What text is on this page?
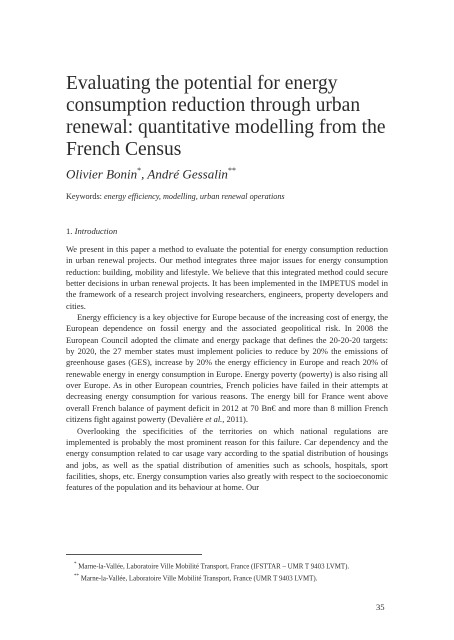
Evaluating the potential for energy consumption reduction through urban renewal: quantitative modelling from the French Census
Olivier Bonin*, André Gessalin**
Keywords: energy efficiency, modelling, urban renewal operations
1. Introduction

We present in this paper a method to evaluate the potential for energy consumption reduction in urban renewal projects. Our method integrates three major issues for energy consumption reduction: building, mobility and lifestyle. We believe that this integrated method could secure better decisions in urban renewal projects. It has been implemented in the IMPETUS model in the framework of a research project involving researchers, engineers, property developers and cities.

Energy efficiency is a key objective for Europe because of the increasing cost of energy, the European dependence on fossil energy and the associated geopolitical risk. In 2008 the European Council adopted the climate and energy package that defines the 20-20-20 targets: by 2020, the 27 member states must implement policies to reduce by 20% the emissions of greenhouse gases (GES), increase by 20% the energy efficiency in Europe and reach 20% of renewable energy in energy consumption in Europe. Energy poverty (powerty) is also rising all over Europe. As in other European countries, French policies have failed in their attempts at decreasing energy consumption for various reasons. The energy bill for France went above overall French balance of payment deficit in 2012 at 70 Bn€ and more than 8 million French citizens fight against powerty (Devalière et al., 2011).

Overlooking the specificities of the territories on which national regulations are implemented is probably the most prominent reason for this failure. Car dependency and the energy consumption related to car usage vary according to the spatial distribution of housings and jobs, as well as the spatial distribution of amenities such as schools, hospitals, sport facilities, shops, etc. Energy consumption varies also greatly with respect to the socioeconomic features of the population and its behaviour at home. Our

* Marne-la-Vallée, Laboratoire Ville Mobilité Transport, France (IFSTTAR – UMR T 9403 LVMT).

** Marne-la-Vallée, Laboratoire Ville Mobilité Transport, France (UMR T 9403 LVMT).

35
